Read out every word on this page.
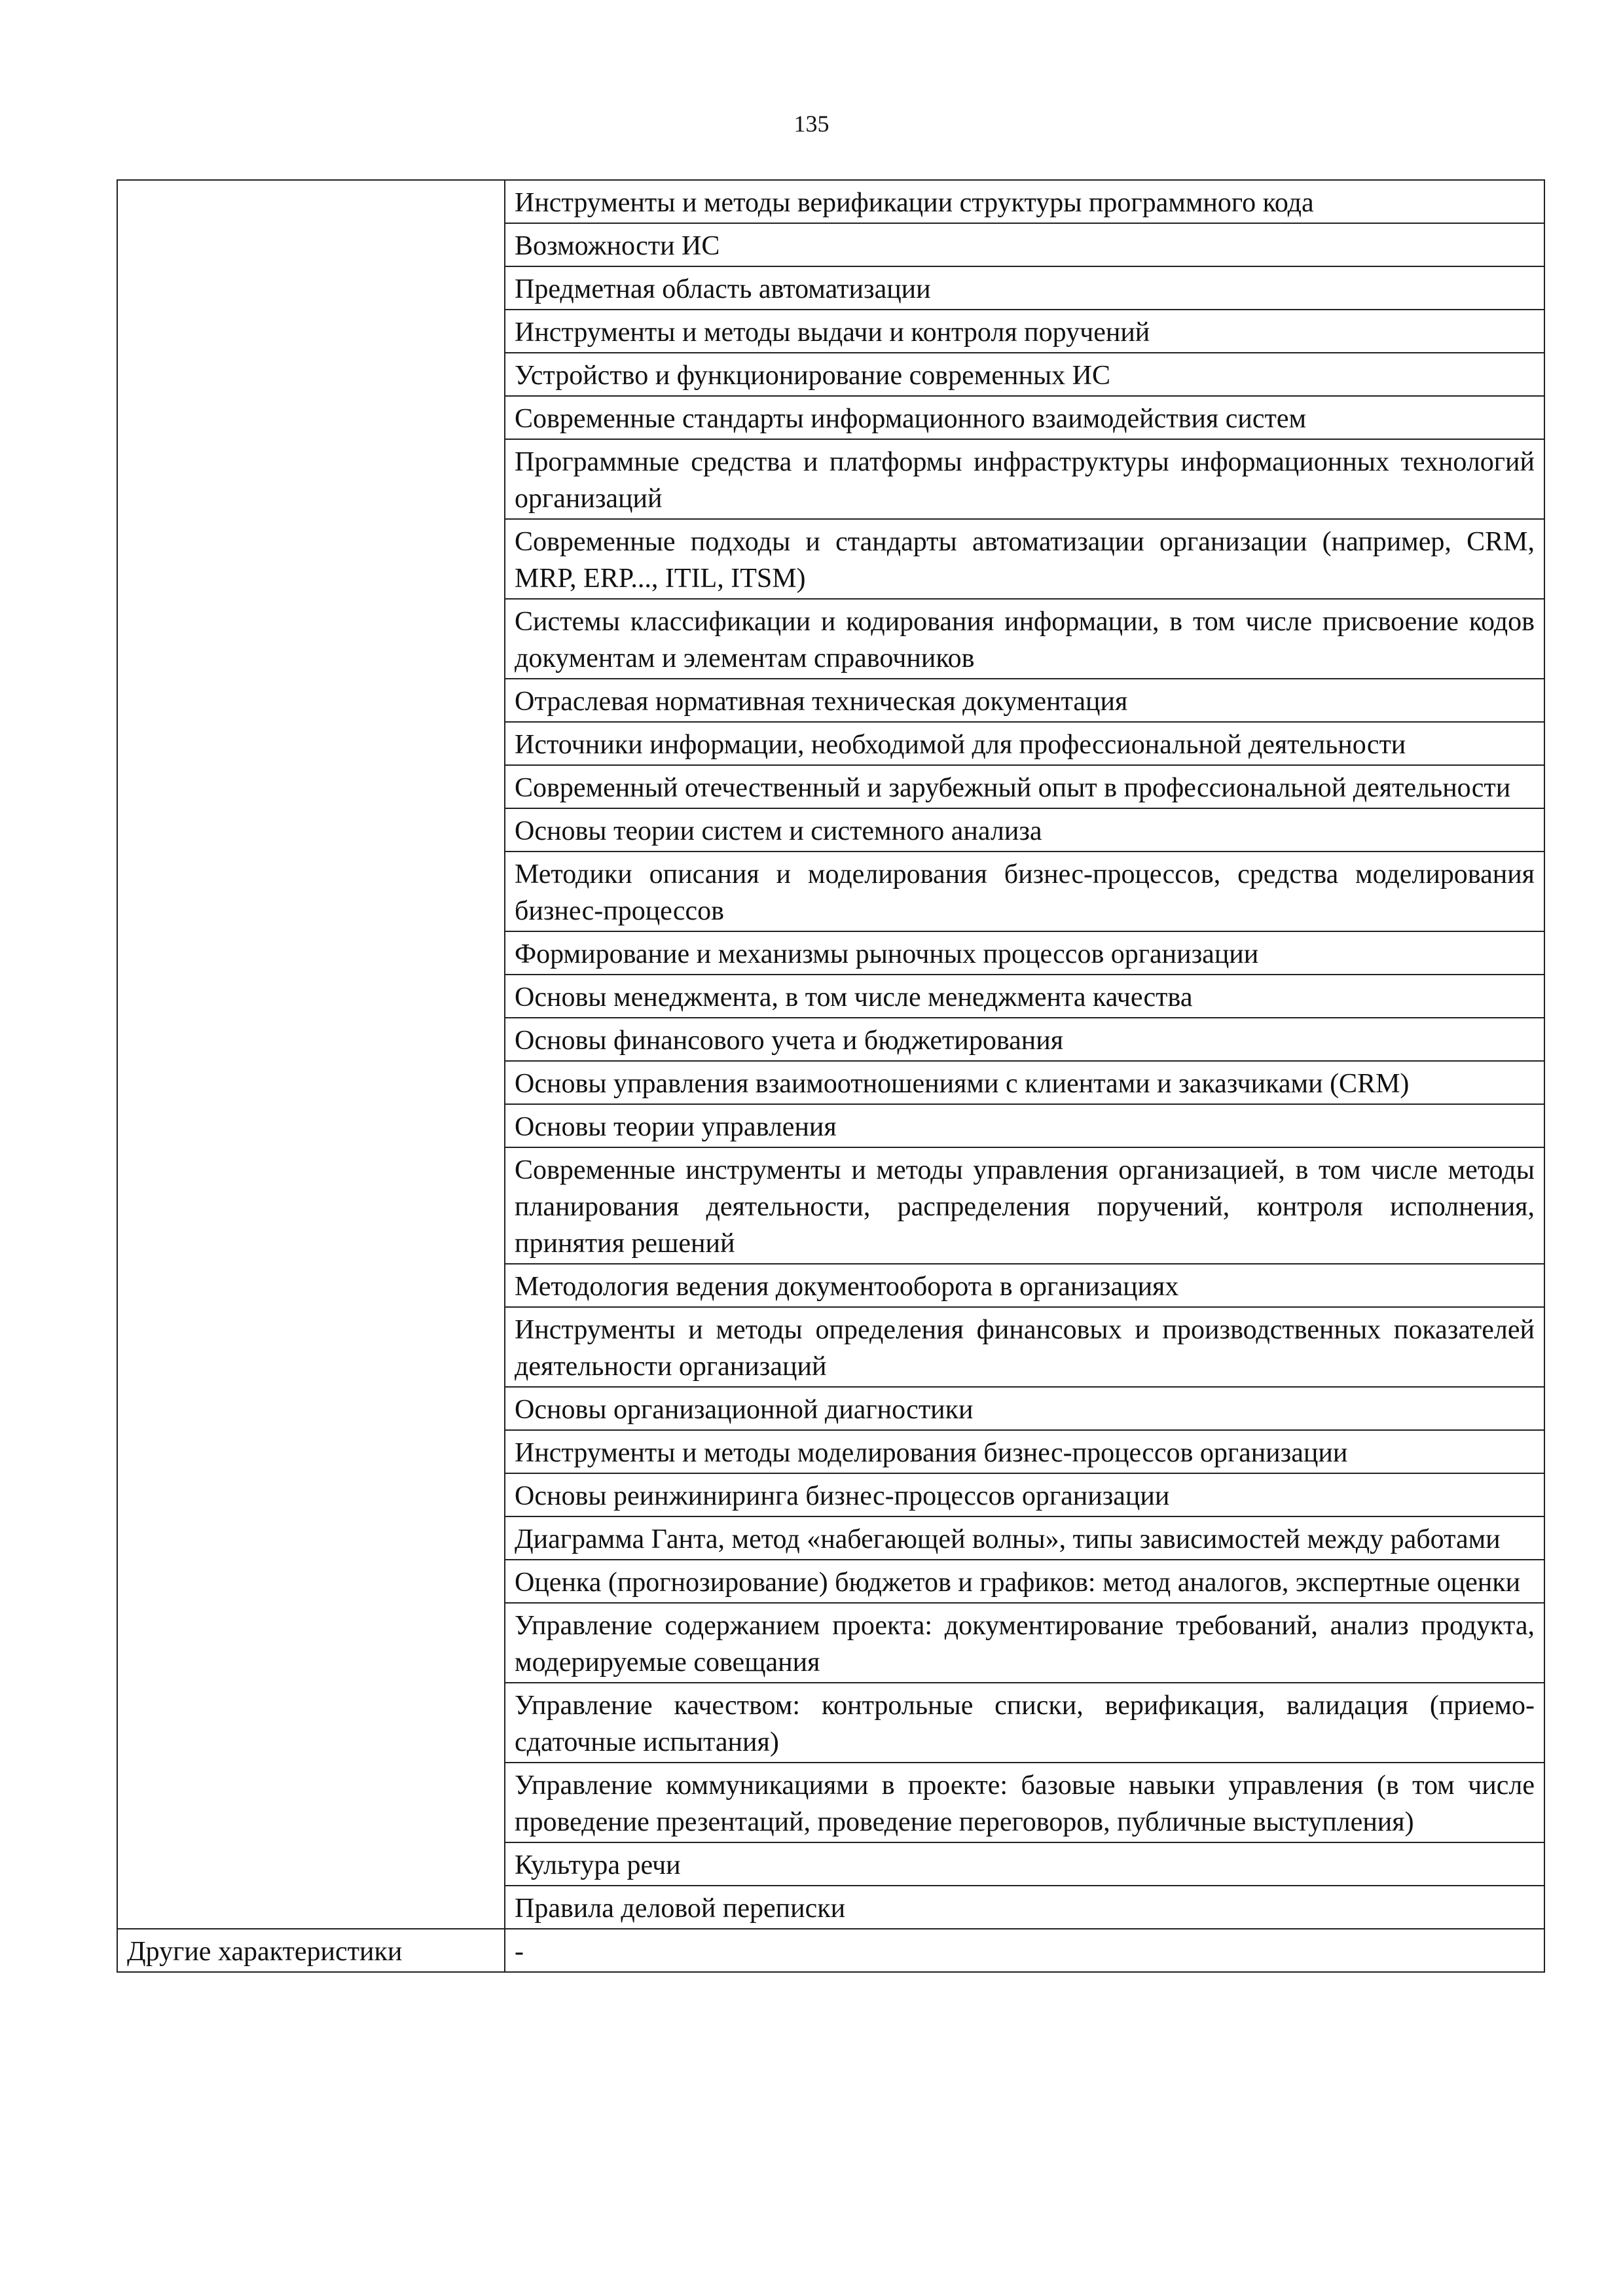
135
	Инструменты и методы верификации структуры программного кода
	Возможности ИС
	Предметная область автоматизации
	Инструменты и методы выдачи и контроля поручений
	Устройство и функционирование современных ИС
	Современные стандарты информационного взаимодействия систем
	Программные средства и платформы инфраструктуры информационных технологий организаций
	Современные подходы и стандарты автоматизации организации (например, CRM, MRP, ERP..., ITIL, ITSM)
	Системы классификации и кодирования информации, в том числе присвоение кодов документам и элементам справочников
	Отраслевая нормативная техническая документация
	Источники информации, необходимой для профессиональной деятельности
	Современный отечественный и зарубежный опыт в профессиональной деятельности
	Основы теории систем и системного анализа
	Методики описания и моделирования бизнес-процессов, средства моделирования бизнес-процессов
	Формирование и механизмы рыночных процессов организации
	Основы менеджмента, в том числе менеджмента качества
	Основы финансового учета и бюджетирования
	Основы управления взаимоотношениями с клиентами и заказчиками (CRM)
	Основы теории управления
	Современные инструменты и методы управления организацией, в том числе методы планирования деятельности, распределения поручений, контроля исполнения, принятия решений
	Методология ведения документооборота в организациях
	Инструменты и методы определения финансовых и производственных показателей деятельности организаций
	Основы организационной диагностики
	Инструменты и методы моделирования бизнес-процессов организации
	Основы реинжиниринга бизнес-процессов организации
	Диаграмма Ганта, метод «набегающей волны», типы зависимостей между работами
	Оценка (прогнозирование) бюджетов и графиков: метод аналогов, экспертные оценки
	Управление содержанием проекта: документирование требований, анализ продукта, модерируемые совещания
	Управление качеством: контрольные списки, верификация, валидация (приемо-сдаточные испытания)
	Управление коммуникациями в проекте: базовые навыки управления (в том числе проведение презентаций, проведение переговоров, публичные выступления)
	Культура речи
	Правила деловой переписки
Другие характеристики	-
